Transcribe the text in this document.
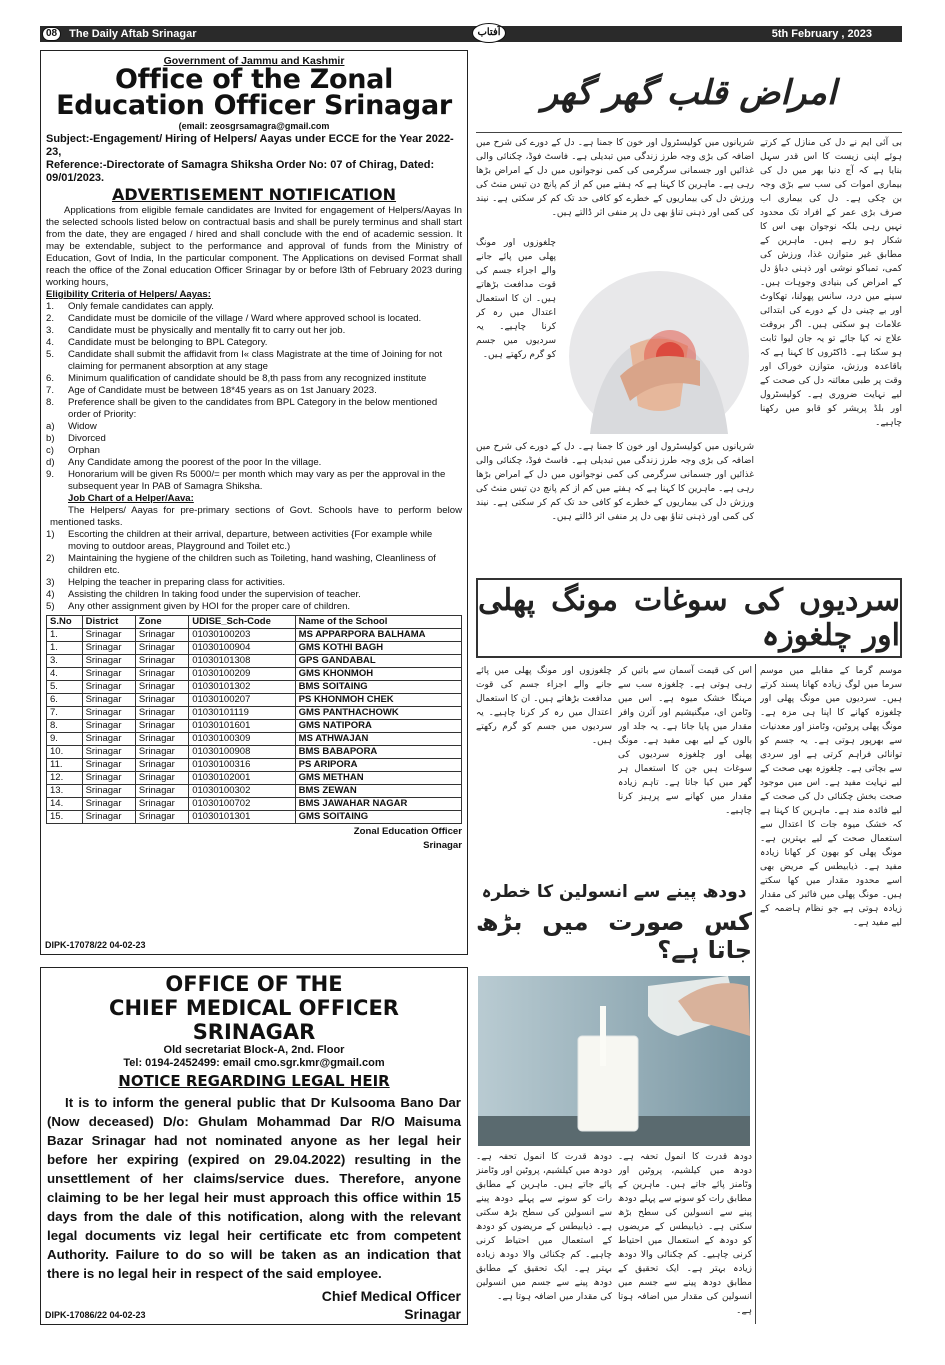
08	The Daily Aftab Srinagar	آفتاب	5th February , 2023
Government of Jammu and Kashmir
Office of the Zonal
Education Officer Srinagar
(email: zeosgrsamagra@gmail.com
Subject:-Engagement/ Hiring of Helpers/ Aayas under ECCE for the Year 2022-23,
Reference:-Directorate of Samagra Shiksha Order No: 07 of Chirag, Dated: 09/01/2023.
ADVERTISEMENT NOTIFICATION
Applications from eligible female candidates are Invited for engagement of Helpers/Aayas In the selected schools listed below on contractual basis and shall be purely terminus and shall start from the date, they are engaged / hired and shall conclude with the end of academic session. It may be extendable, subject to the performance and approval of funds from the Ministry of Education, Govt of India, In the particular component. The Applications on devised Format shall reach the office of the Zonal education Officer Srinagar by or before l3th of February 2023 during working hours,
Eligibility Criteria of Helpers/ Aayas:
1.	Only female candidates can apply.
2.	Candidate must be domicile of the village / Ward where approved school is located.
3.	Candidate must be physically and mentally fit to carry out her job.
4.	Candidate must be belonging to BPL Category.
5.	Candidate shall submit the affidavit from I« class Magistrate at the time of Joining for not claiming for permanent absorption at any stage
6.	Minimum qualification of candidate should be 8,th pass from any recognized institute
7.	Age of Candidate must be between 18*45 years as on 1st January 2023.
8.	Preference shall be given to the candidates from BPL Category in the below mentioned order of Priority:
a)	Widow
b)	Divorced
c)	Orphan
d)	Any Candidate among the poorest of the poor In the village.
9.	Honorarium will be given Rs 5000/= per month which may vary as per the approval in the subsequent year In PAB of Samagra Shiksha.
Job Chart of a Helper/Aava:
The Helpers/ Aayas for pre-primary sections of Govt. Schools have to perform below mentioned tasks.
1)	Escorting the children at their arrival, departure, between activities {For example while moving to outdoor areas, Playground and Toilet etc.)
2)	Maintaining the hygiene of the children such as Toileting, hand washing, Cleanliness of children etc.
3)	Helping the teacher in preparing class for activities.
4)	Assisting the children In taking food under the supervision of teacher.
5)	Any other assignment given by HOI for the proper care of children.
S.No	District	Zone	UDISE_Sch-Code	Name of the School
1.	Srinagar	Srinagar	01030100203	MS APPARPORA BALHAMA
1.	Srinagar	Srinagar	01030100904	GMS KOTHI BAGH
3.	Srinagar	Srinagar	01030101308	GPS GANDABAL
4.	Srinagar	Srinagar	01030100209	GMS KHONMOH
5.	Srinagar	Srinagar	01030101302	BMS SOITAING
6.	Srinagar	Srinagar	01030100207	PS KHONMOH CHEK
7.	Srinagar	Srinagar	01030101119	GMS PANTHACHOWK
8.	Srinagar	Srinagar	01030101601	GMS NATIPORA
9.	Srinagar	Srinagar	01030100309	MS ATHWAJAN
10.	Srinagar	Srinagar	01030100908	BMS BABAPORA
11.	Srinagar	Srinagar	01030100316	PS ARIPORA
12.	Srinagar	Srinagar	01030102001	GMS METHAN
13.	Srinagar	Srinagar	01030100302	BMS ZEWAN
14.	Srinagar	Srinagar	01030100702	BMS JAWAHAR NAGAR
15.	Srinagar	Srinagar	01030101301	GMS SOITAING
Zonal Education Officer
Srinagar
DIPK-17078/22 04-02-23
OFFICE OF THE
CHIEF MEDICAL OFFICER SRINAGAR
Old secretariat Block-A, 2nd. Floor
Tel: 0194-2452499: email cmo.sgr.kmr@gmail.com
NOTICE REGARDING LEGAL HEIR
It is to inform the general public that Dr Kulsooma Bano Dar (Now deceased) D/o: Ghulam Mohammad Dar R/O Maisuma Bazar Srinagar had not nominated anyone as her legal heir before her expiring (expired on 29.04.2022) resulting in the unsettlement of her claims/service dues. Therefore, anyone claiming to be her legal heir must approach this office within 15 days from the dale of this notification, along with the relevant legal documents viz legal heir certificate etc from competent Authority. Failure to do so will be taken as an indication that there is no legal heir in respect of the said employee.
Chief Medical Officer
Srinagar
DIPK-17086/22 04-02-23
امراض قلب گھر گھر
بی آئی ایم نے دل کی منازل کے کرتے ہوئے اپنی زیست کا اس قدر سہل بنایا ہے کہ آج دنیا بھر میں دل کی بیماری اموات کی سب سے بڑی وجہ بن چکی ہے۔ دل کی بیماری اب صرف بڑی عمر کے افراد تک محدود نہیں رہی بلکہ نوجوان بھی اس کا شکار ہو رہے ہیں۔ ماہرین کے مطابق غیر متوازن غذا، ورزش کی کمی، تمباکو نوشی اور ذہنی دباؤ دل کے امراض کی بنیادی وجوہات ہیں۔ سینے میں درد، سانس پھولنا، تھکاوٹ اور بے چینی دل کے دورے کی ابتدائی علامات ہو سکتی ہیں۔ اگر بروقت علاج نہ کیا جائے تو یہ جان لیوا ثابت ہو سکتا ہے۔ ڈاکٹروں کا کہنا ہے کہ باقاعدہ ورزش، متوازن خوراک اور وقت پر طبی معائنہ دل کی صحت کے لیے نہایت ضروری ہے۔ کولیسٹرول اور بلڈ پریشر کو قابو میں رکھنا چاہیے۔
شریانوں میں کولیسٹرول اور خون کا جمنا ہے۔ دل کے دورے کی شرح میں اضافہ کی بڑی وجہ طرز زندگی میں تبدیلی ہے۔ فاسٹ فوڈ، چکنائی والی غذائیں اور جسمانی سرگرمی کی کمی نوجوانوں میں دل کے امراض بڑھا رہی ہے۔ ماہرین کا کہنا ہے کہ ہفتے میں کم از کم پانچ دن تیس منٹ کی ورزش دل کی بیماریوں کے خطرے کو کافی حد تک کم کر سکتی ہے۔ نیند کی کمی اور ذہنی تناؤ بھی دل پر منفی اثر ڈالتے ہیں۔
چلغوزوں اور مونگ پھلی میں پائے جانے والے اجزاء جسم کی قوت مدافعت بڑھاتے ہیں۔ ان کا استعمال اعتدال میں رہ کر کرنا چاہیے۔ یہ سردیوں میں جسم کو گرم رکھتے ہیں۔
شریانوں میں کولیسٹرول اور خون کا جمنا ہے۔ دل کے دورے کی شرح میں اضافہ کی بڑی وجہ طرز زندگی میں تبدیلی ہے۔ فاسٹ فوڈ، چکنائی والی غذائیں اور جسمانی سرگرمی کی کمی نوجوانوں میں دل کے امراض بڑھا رہی ہے۔ ماہرین کا کہنا ہے کہ ہفتے میں کم از کم پانچ دن تیس منٹ کی ورزش دل کی بیماریوں کے خطرے کو کافی حد تک کم کر سکتی ہے۔ نیند کی کمی اور ذہنی تناؤ بھی دل پر منفی اثر ڈالتے ہیں۔
سردیوں کی سوغات مونگ پھلی اور چلغوزہ
موسم گرما کے مقابلے میں موسم سرما میں لوگ زیادہ کھانا پسند کرتے ہیں۔ سردیوں میں مونگ پھلی اور چلغوزہ کھانے کا اپنا ہی مزہ ہے۔ مونگ پھلی پروٹین، وٹامنز اور معدنیات سے بھرپور ہوتی ہے۔ یہ جسم کو توانائی فراہم کرتی ہے اور سردی سے بچاتی ہے۔ چلغوزہ بھی صحت کے لیے نہایت مفید ہے۔ اس میں موجود صحت بخش چکنائی دل کی صحت کے لیے فائدہ مند ہے۔ ماہرین کا کہنا ہے کہ خشک میوہ جات کا اعتدال سے استعمال صحت کے لیے بہترین ہے۔ مونگ پھلی کو بھون کر کھانا زیادہ مفید ہے۔ ذیابیطس کے مریض بھی اسے محدود مقدار میں کھا سکتے ہیں۔ مونگ پھلی میں فائبر کی مقدار زیادہ ہوتی ہے جو نظام ہاضمہ کے لیے مفید ہے۔
اس کی قیمت آسمان سے باتیں کر رہی ہوتی ہے۔ چلغوزہ سب سے مہنگا خشک میوہ ہے۔ اس میں وٹامن ای، میگنیشیم اور آئرن وافر مقدار میں پایا جاتا ہے۔ یہ جلد اور بالوں کے لیے بھی مفید ہے۔ مونگ پھلی اور چلغوزہ سردیوں کی سوغات ہیں جن کا استعمال ہر گھر میں کیا جاتا ہے۔ تاہم زیادہ مقدار میں کھانے سے پرہیز کرنا چاہیے۔
چلغوزوں اور مونگ پھلی میں پائے جانے والے اجزاء جسم کی قوت مدافعت بڑھاتے ہیں۔ ان کا استعمال اعتدال میں رہ کر کرنا چاہیے۔ یہ سردیوں میں جسم کو گرم رکھتے ہیں۔
دودھ پینے سے انسولین کا خطرہ
کس صورت میں بڑھ جاتا ہے؟
دودھ قدرت کا انمول تحفہ ہے۔ دودھ میں کیلشیم، پروٹین اور وٹامنز پائے جاتے ہیں۔ ماہرین کے مطابق رات کو سونے سے پہلے دودھ پینے سے انسولین کی سطح بڑھ سکتی ہے۔ ذیابیطس کے مریضوں کو دودھ کے استعمال میں احتیاط کرنی چاہیے۔ کم چکنائی والا دودھ زیادہ بہتر ہے۔ ایک تحقیق کے مطابق دودھ پینے سے جسم میں انسولین کی مقدار میں اضافہ ہوتا ہے۔
دودھ قدرت کا انمول تحفہ ہے۔ دودھ میں کیلشیم، پروٹین اور وٹامنز پائے جاتے ہیں۔ ماہرین کے مطابق رات کو سونے سے پہلے دودھ پینے سے انسولین کی سطح بڑھ سکتی ہے۔ ذیابیطس کے مریضوں کو دودھ کے استعمال میں احتیاط کرنی چاہیے۔ کم چکنائی والا دودھ زیادہ بہتر ہے۔ ایک تحقیق کے مطابق دودھ پینے سے جسم میں انسولین کی مقدار میں اضافہ ہوتا ہے۔
